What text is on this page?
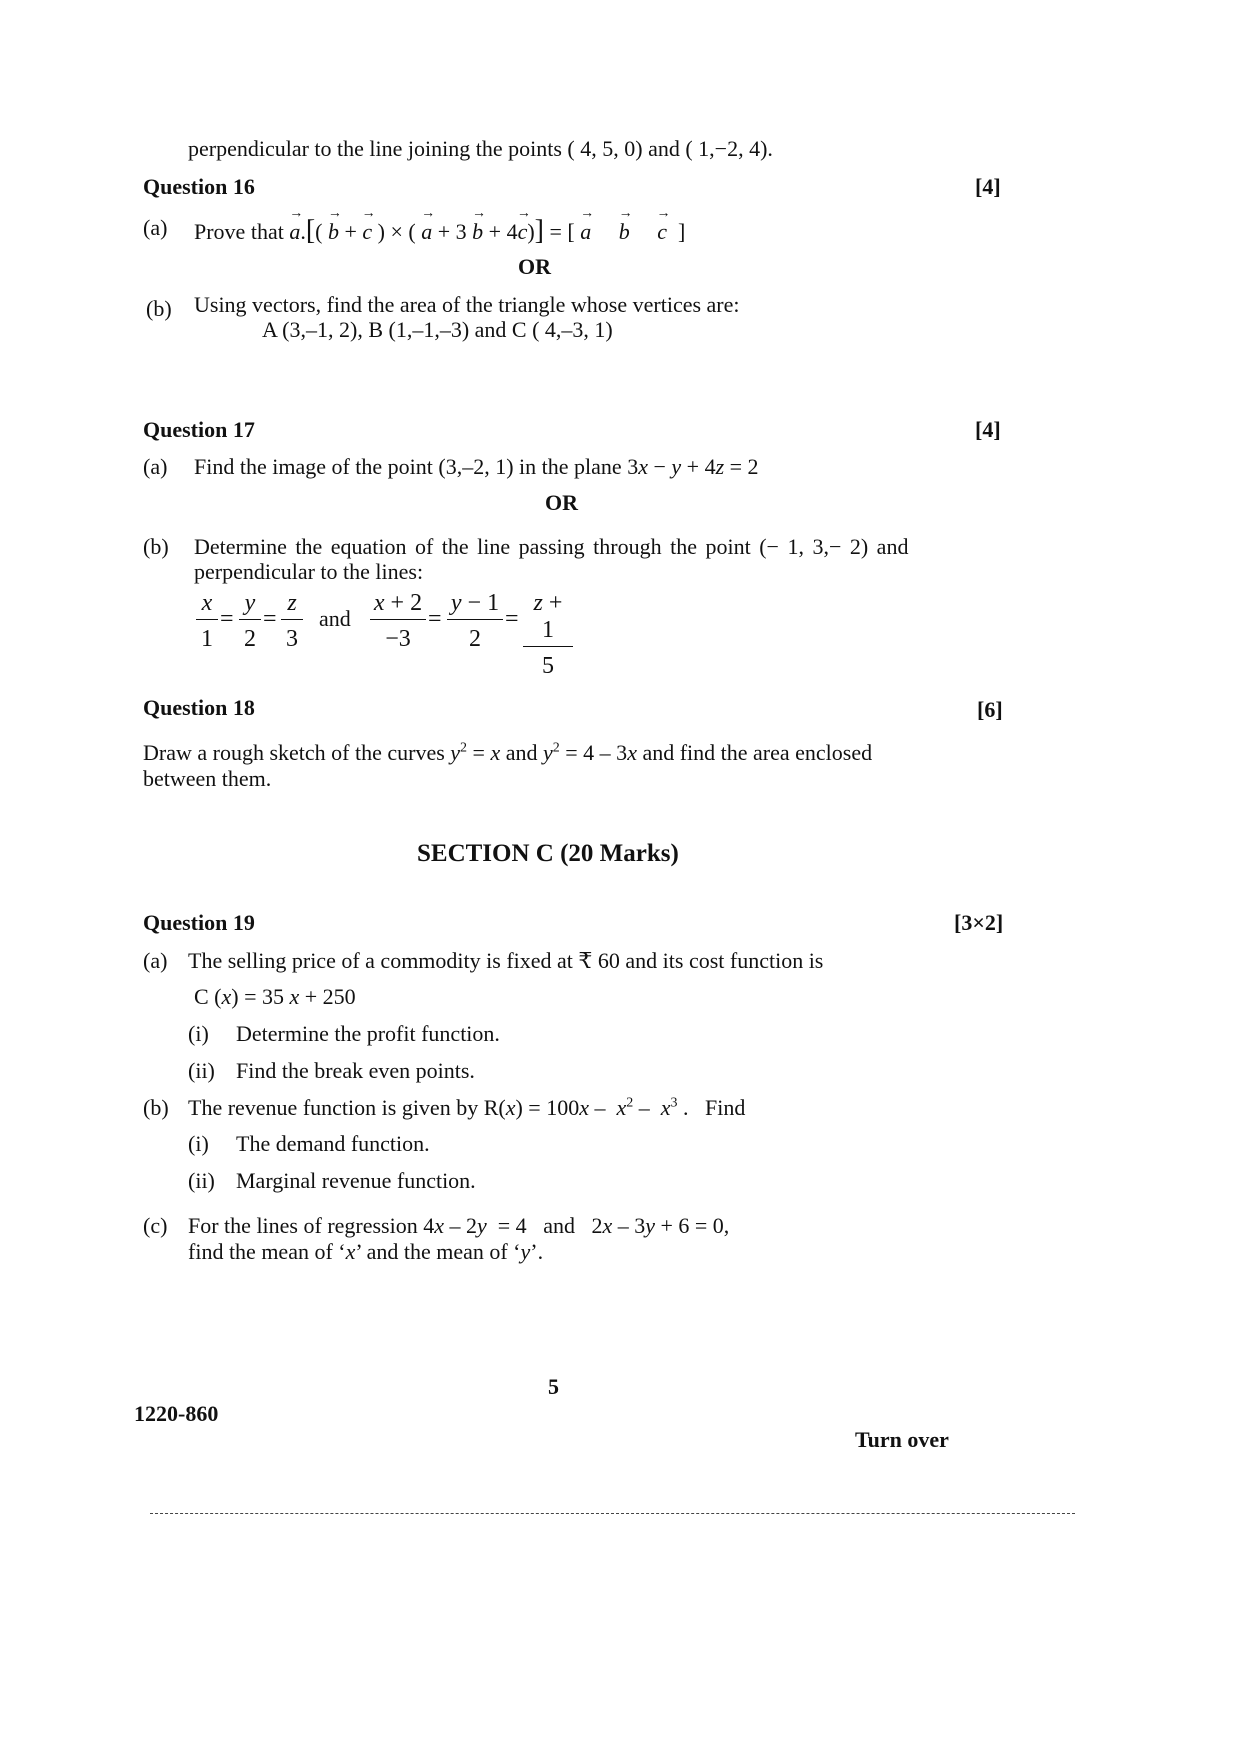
perpendicular to the line joining the points ( 4, 5, 0) and ( 1,−2, 4).
Question 16	[4]
(a) Prove that a →.[( b → + c → ) × ( a → + 3 b → + 4c →)] = [ a → b → c →  ]
OR
(b) Using vectors, find the area of the triangle whose vertices are:
A (3,–1, 2), B (1,–1,–3) and C ( 4,–3, 1)
Question 17	[4]
(a) Find the image of the point (3,–2, 1) in the plane 3x − y + 4z = 2
OR
(b) Determine the equation of the line passing through the point (− 1, 3,− 2) and
perpendicular to the lines:
$\frac{x}{1} = \frac{y}{2} = \frac{z}{3}$ and $\frac{x + 2}{-3} = \frac{y - 1}{2} = \frac{z + 1}{5}$
Question 18	[6]
Draw a rough sketch of the curves $y^2 = x$ and $y^2 = 4 - 3x$ and find the area enclosed
between them.
SECTION C (20 Marks)
Question 19	[3×2]
(a) The selling price of a commodity is fixed at ₹ 60 and its cost function is
C (x) = 35 x + 250
(i) Determine the profit function.
(ii) Find the break even points.
(b) The revenue function is given by $R(x) = 100x - x^2 - x^3$ . Find
(i) The demand function.
(ii) Marginal revenue function.
(c) For the lines of regression 4x – 2y  = 4 and 2x – 3y + 6 = 0,
find the mean of ‘x’ and the mean of ‘y’.
5
1220-860
Turn over
